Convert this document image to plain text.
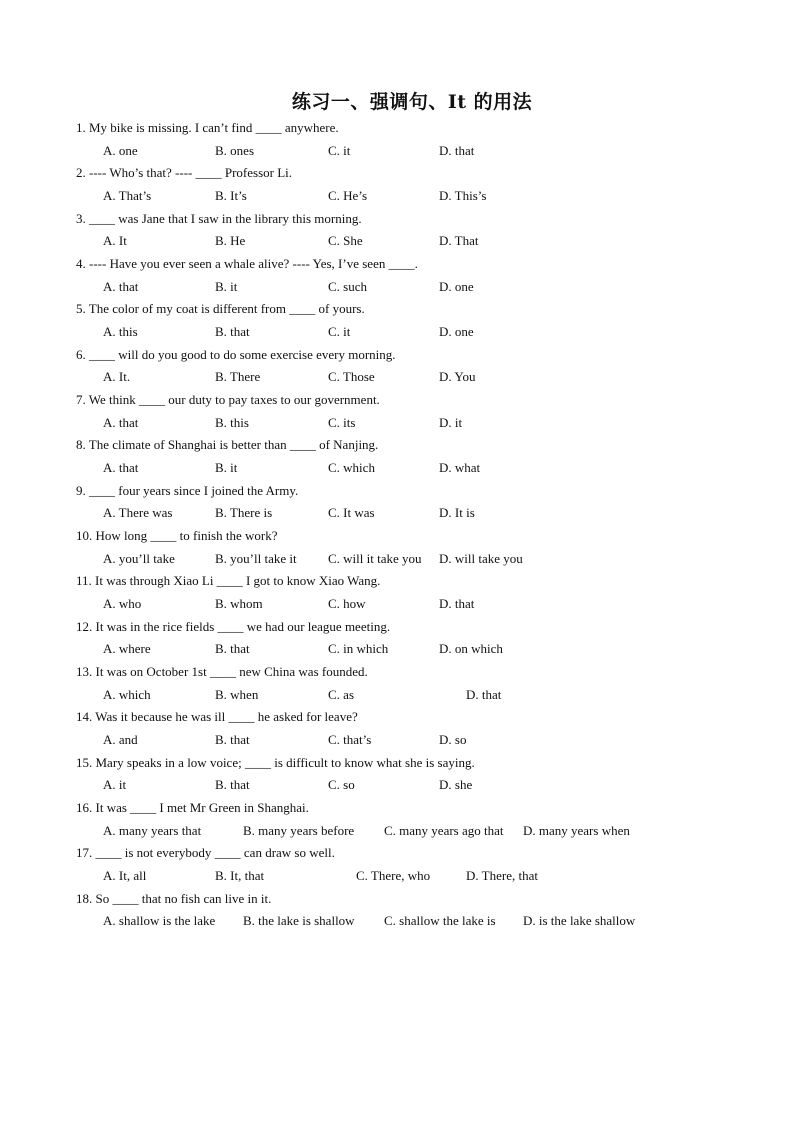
练习一、强调句、It 的用法
1. My bike is missing. I can’t find ____ anywhere.
A. one	B. ones	C. it	D. that
2. ---- Who’s that? ---- ____ Professor Li.
A. That’s	B. It’s	C. He’s	D. This’s
3. ____ was Jane that I saw in the library this morning.
A. It	B. He	C. She	D. That
4. ---- Have you ever seen a whale alive? ---- Yes, I’ve seen ____.
A. that	B. it	C. such	D. one
5. The color of my coat is different from ____ of yours.
A. this	B. that	C. it	D. one
6. ____ will do you good to do some exercise every morning.
A. It.	B. There	C. Those	D. You
7. We think ____ our duty to pay taxes to our government.
A. that	B. this	C. its	D. it
8. The climate of Shanghai is better than ____ of Nanjing.
A. that	B. it	C. which	D. what
9. ____ four years since I joined the Army.
A. There was	B. There is	C. It was	D. It is
10. How long ____ to finish the work?
A. you’ll take	B. you’ll take it C. will it take you D. will take you
11. It was through Xiao Li ____ I got to know Xiao Wang.
A. who	B. whom	C. how	D. that
12. It was in the rice fields ____ we had our league meeting.
A. where	B. that	C. in which	D. on which
13. It was on October 1st ____ new China was founded.
A. which	B. when	C. as	D. that
14. Was it because he was ill ____ he asked for leave?
A. and	B. that	C. that’s	D. so
15. Mary speaks in a low voice; ____ is difficult to know what she is saying.
A. it	B. that	C. so	D. she
16. It was ____ I met Mr Green in Shanghai.
A. many years that	B. many years before C. many years ago that D. many years when
17. ____ is not everybody ____ can draw so well.
A. It, all	B. It, that	C. There, who	D. There, that
18. So ____ that no fish can live in it.
A. shallow is the lake B. the lake is shallow C. shallow the lake is D. is the lake shallow
